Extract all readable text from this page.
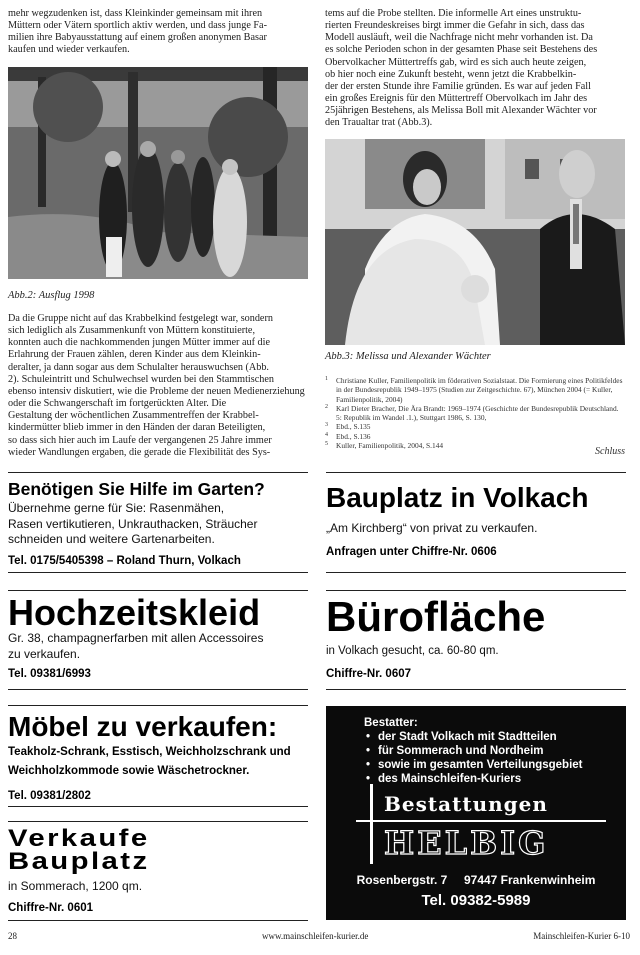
mehr wegzudenken ist, dass Kleinkinder gemeinsam mit ihren
Müttern oder Vätern sportlich aktiv werden, und dass junge Fa-
milien ihre Babyausstattung auf einem großen anonymen Basar
kaufen und wieder verkaufen.
Abb.2: Ausflug 1998
Da die Gruppe nicht auf das Krabbelkind festgelegt war, sondern
sich lediglich als Zusammenkunft von Müttern konstituierte,
konnten auch die nachkommenden jungen Mütter immer auf die
Erlahrung der Frauen zählen, deren Kinder aus dem Kleinkin-
deralter, ja dann sogar aus dem Schulalter herauswuchsen (Abb.
2). Schuleintritt und Schulwechsel wurden bei den Stammtischen
ebenso intensiv diskutiert, wie die Probleme der neuen Medienerziehung
oder die Schwangerschaft im fortgerückten Alter. Die
Gestaltung der wöchentlichen Zusammentreffen der Krabbel-
kindermütter blieb immer in den Händen der daran Beteiligten,
so dass sich hier auch im Laufe der vergangenen 25 Jahre immer
wieder Wandlungen ergaben, die gerade die Flexibilität des Sys-
tems auf die Probe stellten. Die informelle Art eines unstruktu-
rierten Freundeskreises birgt immer die Gefahr in sich, dass das
Modell ausläuft, weil die Nachfrage nicht mehr vorhanden ist. Da
es solche Perioden schon in der gesamten Phase seit Bestehens des
Obervolkacher Müttertreffs gab, wird es sich auch heute zeigen,
ob hier noch eine Zukunft besteht, wenn jetzt die Krabbelkin-
der der ersten Stunde ihre Familie gründen. Es war auf jeden Fall
ein großes Ereignis für den Müttertreff Obervolkach im Jahr des
25jährigen Bestehens, als Melissa Boll mit Alexander Wächter vor
den Traualtar trat (Abb.3).
Abb.3: Melissa und Alexander Wächter
1 Christiane Kuller, Familienpolitik im föderativen Sozialstaat. Die Formierung eines Politikfeldes in der Bundesrepublik 1949–1975 (Studien zur Zeitgeschichte. 67), München 2004 (= Kuller, Familienpolitik, 2004)
2 Karl Dieter Bracher, Die Ära Brandt: 1969–1974 (Geschichte der Bundesrepublik Deutschland. 5: Republik im Wandel .1.), Stuttgart 1986, S. 130,
3 Ebd., S.135
4 Ebd., S.136
5 Kuller, Familienpolitik, 2004, S.144
Schluss
Benötigen Sie Hilfe im Garten?
Übernehme gerne für Sie: Rasenmähen,
Rasen vertikutieren, Unkrauthacken, Sträucher
schneiden und weitere Gartenarbeiten.
Tel. 0175/5405398 – Roland Thurn, Volkach
Hochzeitskleid
Gr. 38, champagnerfarben mit allen Accessoires
zu verkaufen.
Tel. 09381/6993
Möbel zu verkaufen:
Teakholz-Schrank, Esstisch, Weichholzschrank und
Weichholzkommode sowie Wäschetrockner.
Tel. 09381/2802
Verkaufe
Bauplatz
in Sommerach, 1200 qm.
Chiffre-Nr. 0601
Bauplatz in Volkach
„Am Kirchberg“ von privat zu verkaufen.
Anfragen unter Chiffre-Nr. 0606
Bürofläche
in Volkach gesucht, ca. 60-80 qm.
Chiffre-Nr. 0607
Bestatter:
• der Stadt Volkach mit Stadtteilen
• für Sommerach und Nordheim
• sowie im gesamten Verteilungsgebiet
• des Mainschleifen-Kuriers
Bestattungen
HELBIG
Rosenbergstr. 7     97447 Frankenwinheim
Tel. 09382-5989
28	www.mainschleifen-kurier.de	Mainschleifen-Kurier 6-10
